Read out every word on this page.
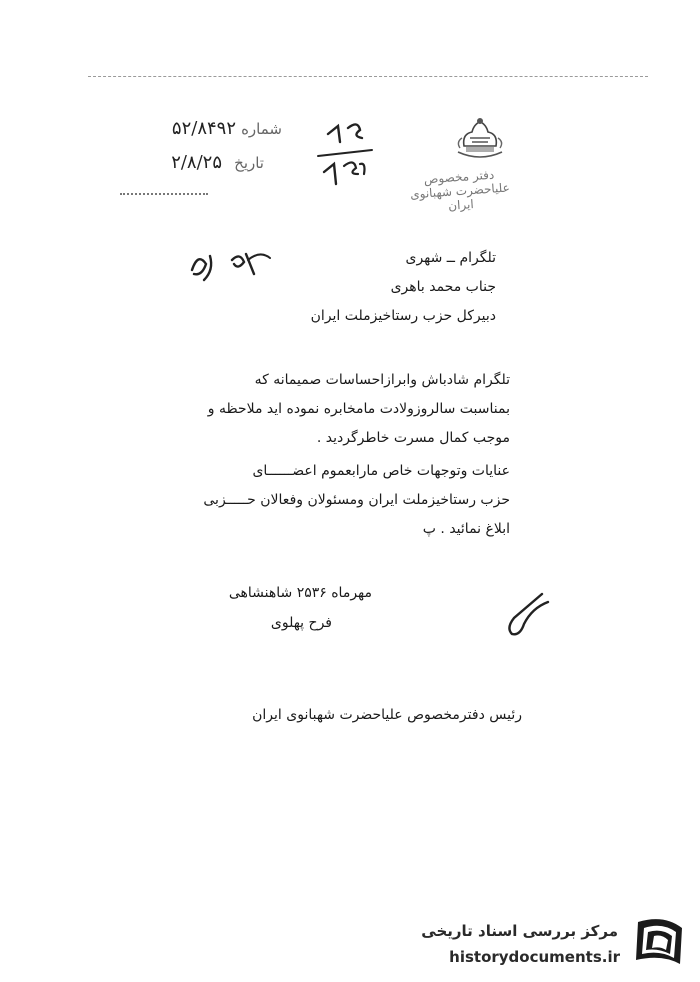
شماره
۵۲/۸۴۹۲
تاریخ
۲/۸/۲۵
دفتر مخصوص علیاحضرت شهبانوی ایران
تلگرام ــ شهری
جناب محمد باهری
دبیرکل حزب رستاخیزملت ایران

تلگرام شادباش وابرازاحساسات صمیمانه که

بمناسبت سالروزولادت مامخابره نموده اید ملاحظه و

موجب کمال مسرت خاطرگردید .

عنایات وتوجهات خاص مارابعموم اعضــــــای

حزب رستاخیزملت ایران ومسئولان وفعالان حـــــزبی

ابلاغ نمائید . پ

مهرماه ۲۵۳۶ شاهنشاهی
فرح پهلوی
رئیس دفترمخصوص علیاحضرت شهبانوی ایران
مرکز بررسی اسناد تاریخی
historydocuments.ir
